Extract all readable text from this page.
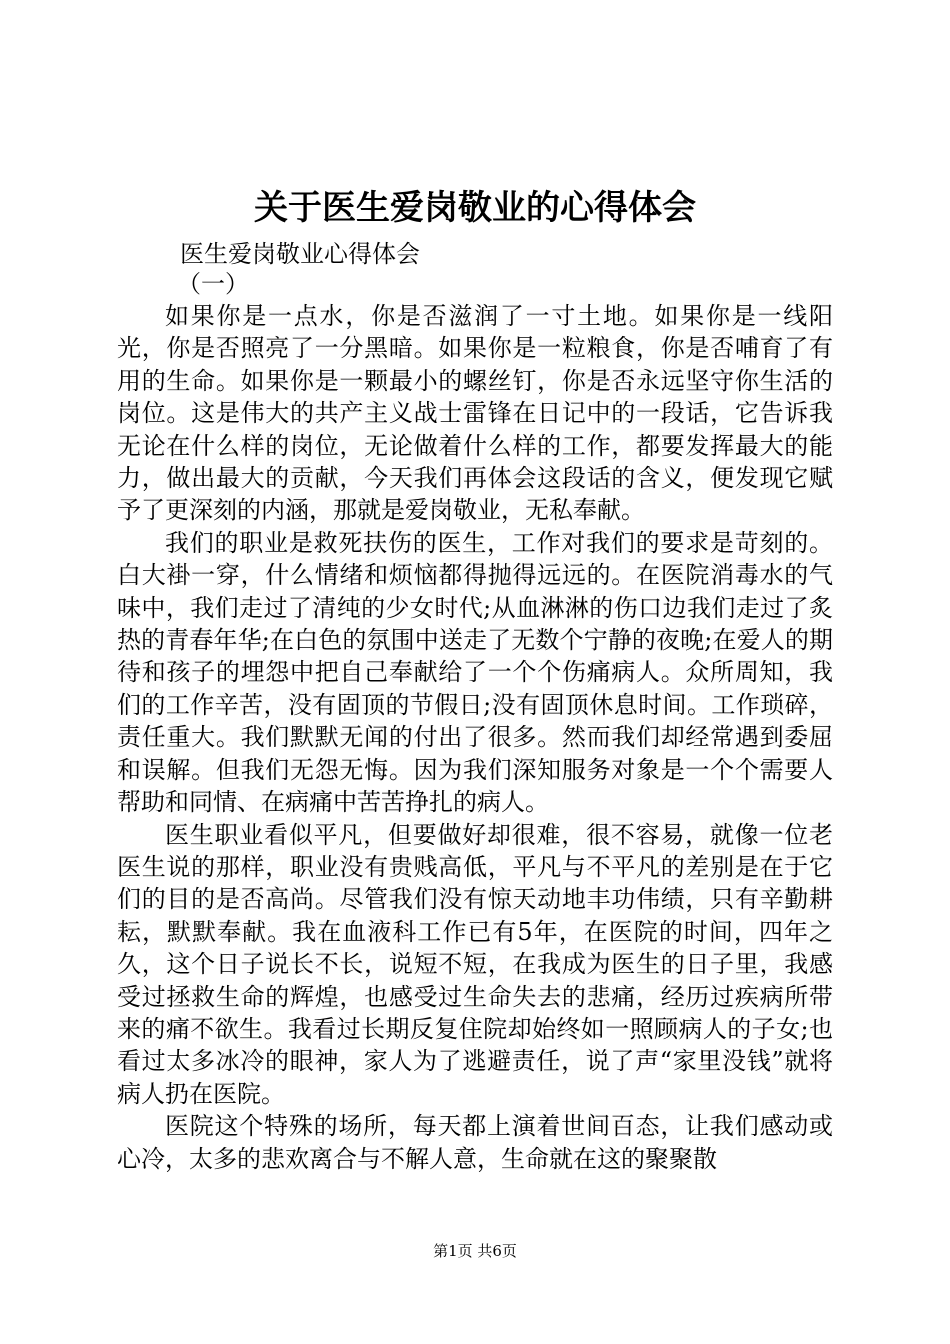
关于医生爱岗敬业的心得体会
医生爱岗敬业心得体会
（一）

如果你是一点水，你是否滋润了一寸土地。如果你是一线阳光，你是否照亮了一分黑暗。如果你是一粒粮食，你是否哺育了有用的生命。如果你是一颗最小的螺丝钉，你是否永远坚守你生活的岗位。这是伟大的共产主义战士雷锋在日记中的一段话，它告诉我无论在什么样的岗位，无论做着什么样的工作，都要发挥最大的能力，做出最大的贡献，今天我们再体会这段话的含义，便发现它赋予了更深刻的内涵，那就是爱岗敬业，无私奉献。

我们的职业是救死扶伤的医生，工作对我们的要求是苛刻的。白大褂一穿，什么情绪和烦恼都得抛得远远的。在医院消毒水的气味中，我们走过了清纯的少女时代;从血淋淋的伤口边我们走过了炙热的青春年华;在白色的氛围中送走了无数个宁静的夜晚;在爱人的期待和孩子的埋怨中把自己奉献给了一个个伤痛病人。众所周知，我们的工作辛苦，没有固顶的节假日;没有固顶休息时间。工作琐碎，责任重大。我们默默无闻的付出了很多。然而我们却经常遇到委屈和误解。但我们无怨无悔。因为我们深知服务对象是一个个需要人帮助和同情、在病痛中苦苦挣扎的病人。

医生职业看似平凡，但要做好却很难，很不容易，就像一位老医生说的那样，职业没有贵贱高低，平凡与不平凡的差别是在于它们的目的是否高尚。尽管我们没有惊天动地丰功伟绩，只有辛勤耕耘，默默奉献。我在血液科工作已有5年，在医院的时间，四年之久，这个日子说长不长，说短不短，在我成为医生的日子里，我感受过拯救生命的辉煌，也感受过生命失去的悲痛，经历过疾病所带来的痛不欲生。我看过长期反复住院却始终如一照顾病人的子女;也看过太多冰冷的眼神，家人为了逃避责任，说了声“家里没钱”就将病人扔在医院。

医院这个特殊的场所，每天都上演着世间百态，让我们感动或心冷，太多的悲欢离合与不解人意，生命就在这的聚聚散

第1页 共6页
